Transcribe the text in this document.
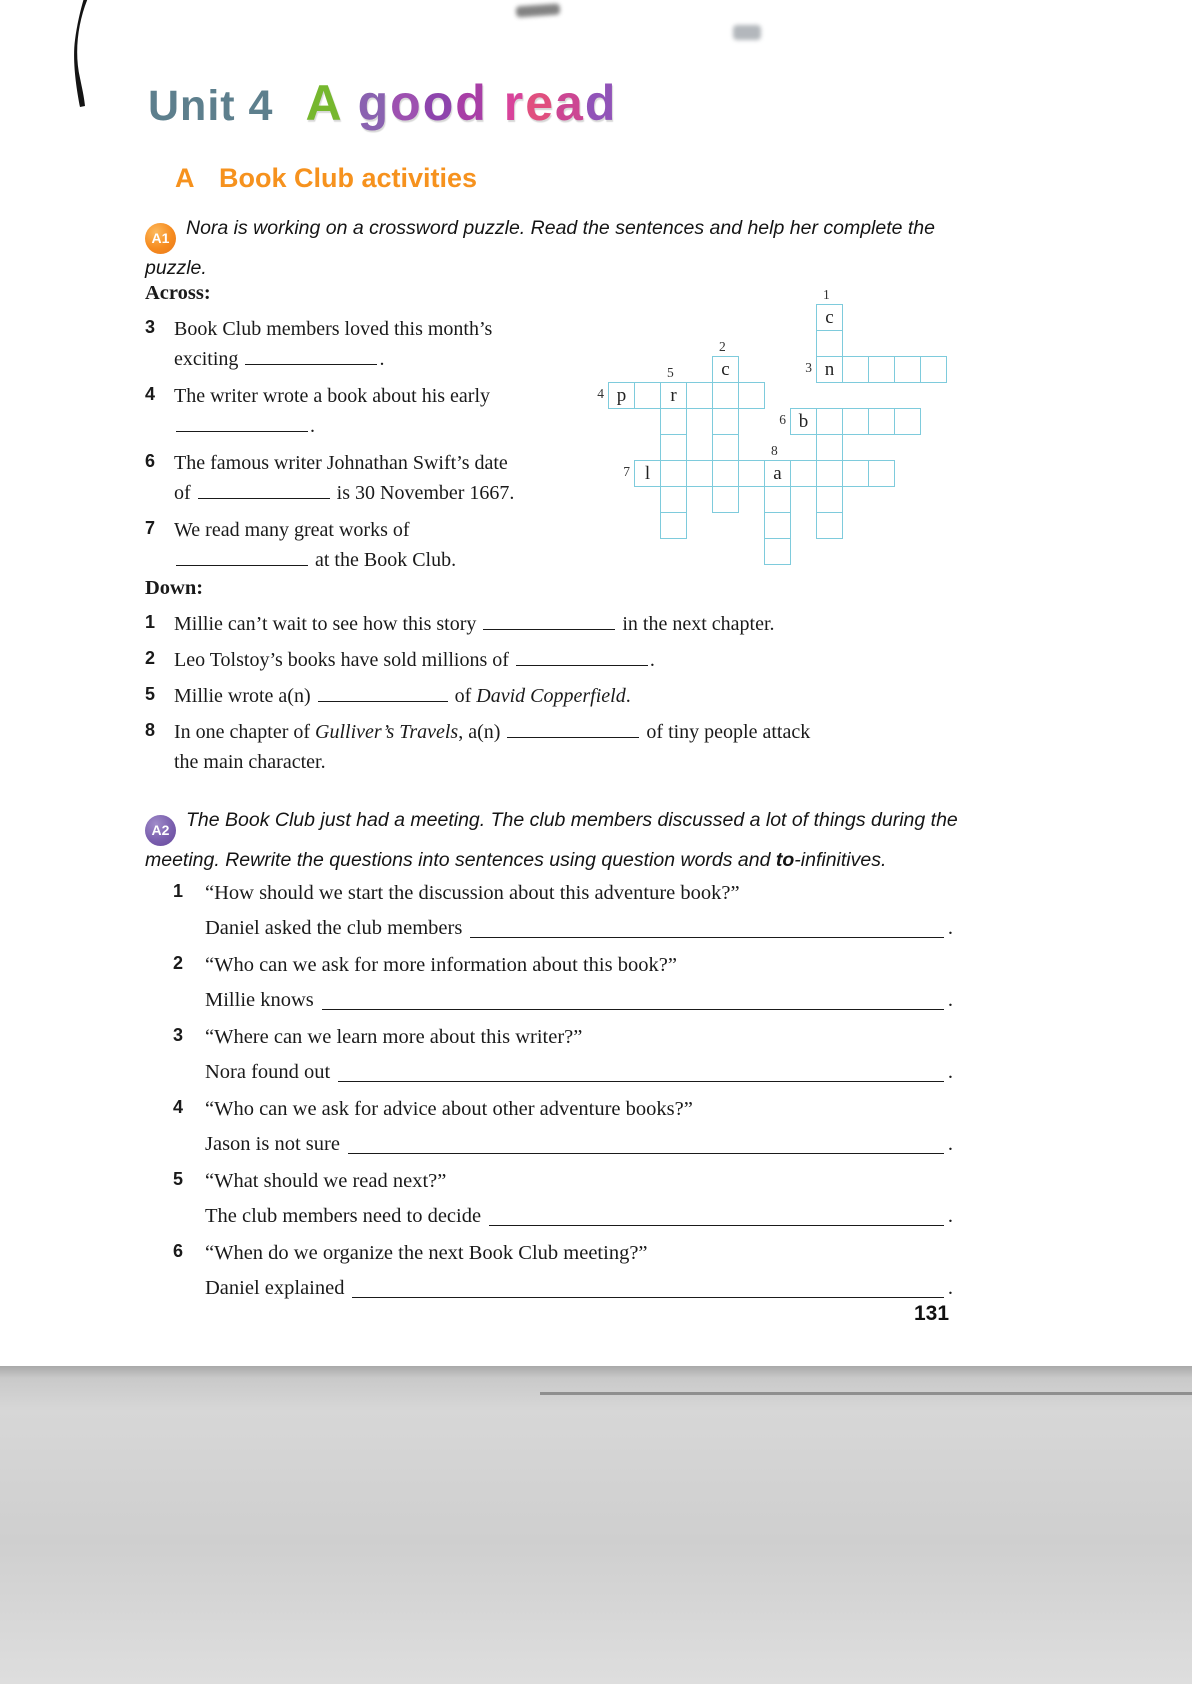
Unit 4 A good read
A Book Club activities
A1 Nora is working on a crossword puzzle. Read the sentences and help her complete the puzzle.
Across:
3 Book Club members loved this month’s
exciting	.
4 The writer wrote a book about his early
.
6 The famous writer Johnathan Swift’s date
of	is 30 November 1667.
7 We read many great works of
at the Book Club.
c
c	n
p	r
b
l	a
1
2
3
4
5
6
7
8
Down:
1 Millie can’t wait to see how this story	in the next chapter.
2 Leo Tolstoy’s books have sold millions of	.
5 Millie wrote a(n)	of David Copperfield.
8 In one chapter of Gulliver’s Travels, a(n)	of tiny people attack
the main character.
A2 The Book Club just had a meeting. The club members discussed a lot of things during the meeting. Rewrite the questions into sentences using question words and to-infinitives.
1	“How should we start the discussion about this adventure book?”
Daniel asked the club members	.
2	“Who can we ask for more information about this book?”
Millie knows	.
3	“Where can we learn more about this writer?”
Nora found out	.
4	“Who can we ask for advice about other adventure books?”
Jason is not sure	.
5	“What should we read next?”
The club members need to decide	.
6	“When do we organize the next Book Club meeting?”
Daniel explained	.
131
